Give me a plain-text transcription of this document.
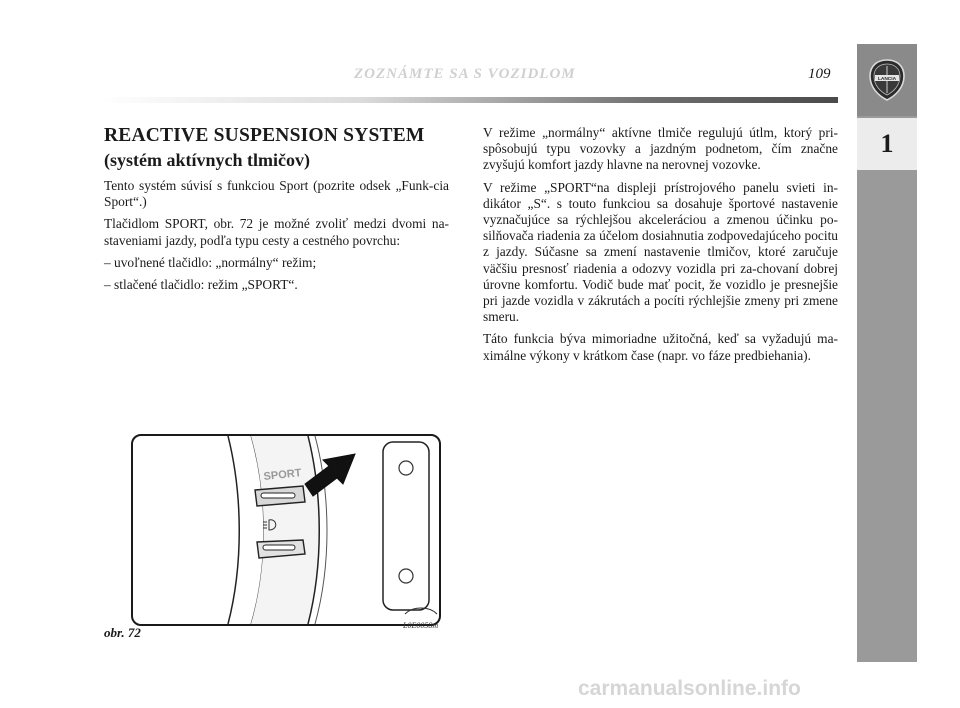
ZOZNÁMTE SA S VOZIDLOM	109	LANCIA
1
REACTIVE SUSPENSION SYSTEM
(systém aktívnych tlmičov)

Tento systém súvisí s funkciou Sport (pozrite odsek „Funk-cia Sport“.)

Tlačidlom SPORT, obr. 72 je možné zvoliť medzi dvomi na-staveniami jazdy, podľa typu cesty a cestného povrchu:

– uvoľnené tlačidlo: „normálny“ režim;

– stlačené tlačidlo: režim „SPORT“.

V režime „normálny“ aktívne tlmiče regulujú útlm, ktorý pri-spôsobujú typu vozovky a jazdným podnetom, čím značne zvyšujú komfort jazdy hlavne na nerovnej vozovke.

V režime „SPORT“na displeji prístrojového panelu svieti in-dikátor „S“. s touto funkciou sa dosahuje športové nastavenie vyznačujúce sa rýchlejšou akceleráciou a zmenou účinku po-silňovača riadenia za účelom dosiahnutia zodpovedajúceho pocitu z jazdy. Súčasne sa zmení nastavenie tlmičov, ktoré zaručuje väčšiu presnosť riadenia a odozvy vozidla pri za-chovaní dobrej úrovne komfortu. Vodič bude mať pocit, že vozidlo je presnejšie pri jazde vozidla v zákrutách a pocíti rýchlejšie zmeny pri zmene smeru.

Táto funkcia býva mimoriadne užitočná, keď sa vyžadujú ma-ximálne výkony v krátkom čase (napr. vo fáze predbiehania).

SPORT
obr. 72	L0E0058m
carmanualsonline.info
